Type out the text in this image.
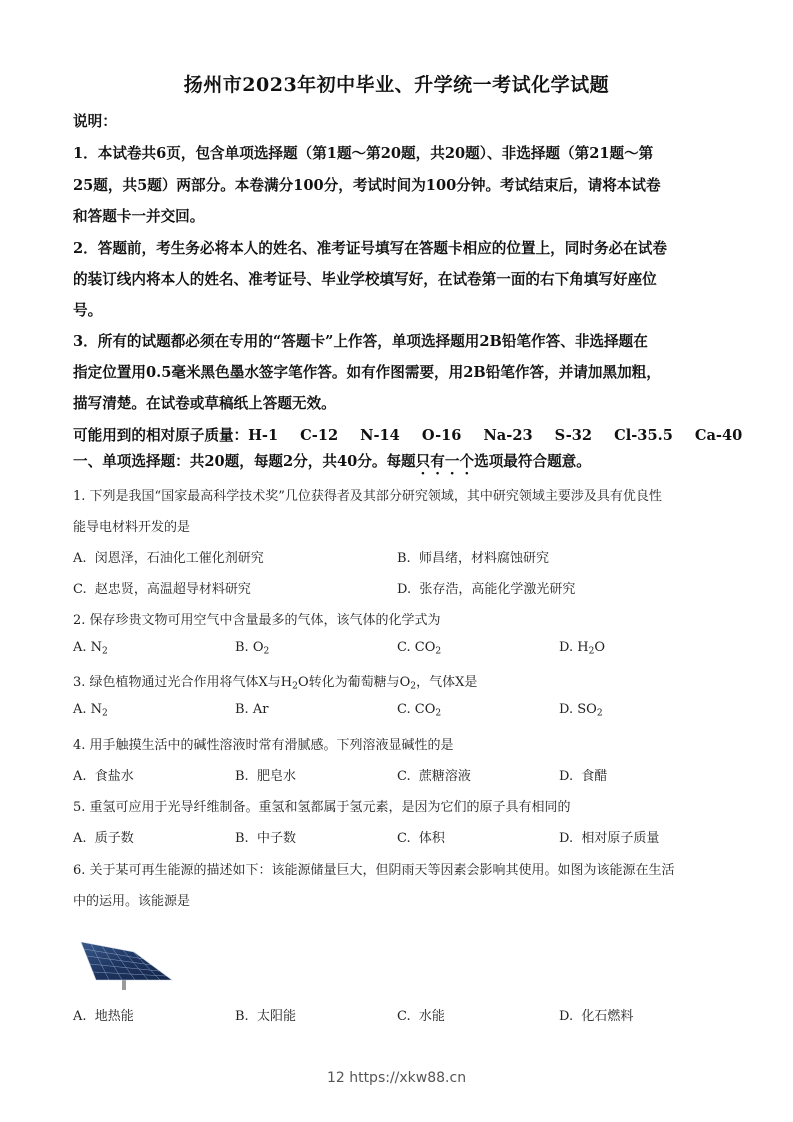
扬州市2023年初中毕业、升学统一考试化学试题
说明：
1．本试卷共6页，包含单项选择题（第1题～第20题，共20题）、非选择题（第21题～第
25题，共5题）两部分。本卷满分100分，考试时间为100分钟。考试结束后，请将本试卷
和答题卡一并交回。
2．答题前，考生务必将本人的姓名、准考证号填写在答题卡相应的位置上，同时务必在试卷
的装订线内将本人的姓名、准考证号、毕业学校填写好，在试卷第一面的右下角填写好座位
号。
3．所有的试题都必须在专用的“答题卡”上作答，单项选择题用2B铅笔作答、非选择题在
指定位置用0.5毫米黑色墨水签字笔作答。如有作图需要，用2B铅笔作答，并请加黑加粗，
描写清楚。在试卷或草稿纸上答题无效。
可能用到的相对原子质量：H-1 C-12 N-14 O-16 Na-23 S-32 Cl-35.5 Ca-40
一、单项选择题：共20题，每题2分，共40分。每题只有一个选项最符合题意。
1. 下列是我国“国家最高科学技术奖”几位获得者及其部分研究领域，其中研究领域主要涉及具有优良性
能导电材料开发的是
A. 闵恩泽，石油化工催化剂研究	B. 师昌绪，材料腐蚀研究
C. 赵忠贤，高温超导材料研究	D. 张存浩，高能化学激光研究
2. 保存珍贵文物可用空气中含量最多的气体，该气体的化学式为
A. $N_2$	B. $O_2$	C. $CO_2$	D. $H_2O$
3. 绿色植物通过光合作用将气体X与$H_2O$转化为葡萄糖与$O_2$，气体X是
A. $N_2$	B. Ar	C. $CO_2$	D. $SO_2$
4. 用手触摸生活中的碱性溶液时常有滑腻感。下列溶液显碱性的是
A. 食盐水	B. 肥皂水	C. 蔗糖溶液	D. 食醋
5. 重氢可应用于光导纤维制备。重氢和氢都属于氢元素，是因为它们的原子具有相同的
A. 质子数	B. 中子数	C. 体积	D. 相对原子质量
6. 关于某可再生能源的描述如下：该能源储量巨大，但阴雨天等因素会影响其使用。如图为该能源在生活
中的运用。该能源是
A. 地热能	B. 太阳能	C. 水能	D. 化石燃料
12 https://xkw88.cn
